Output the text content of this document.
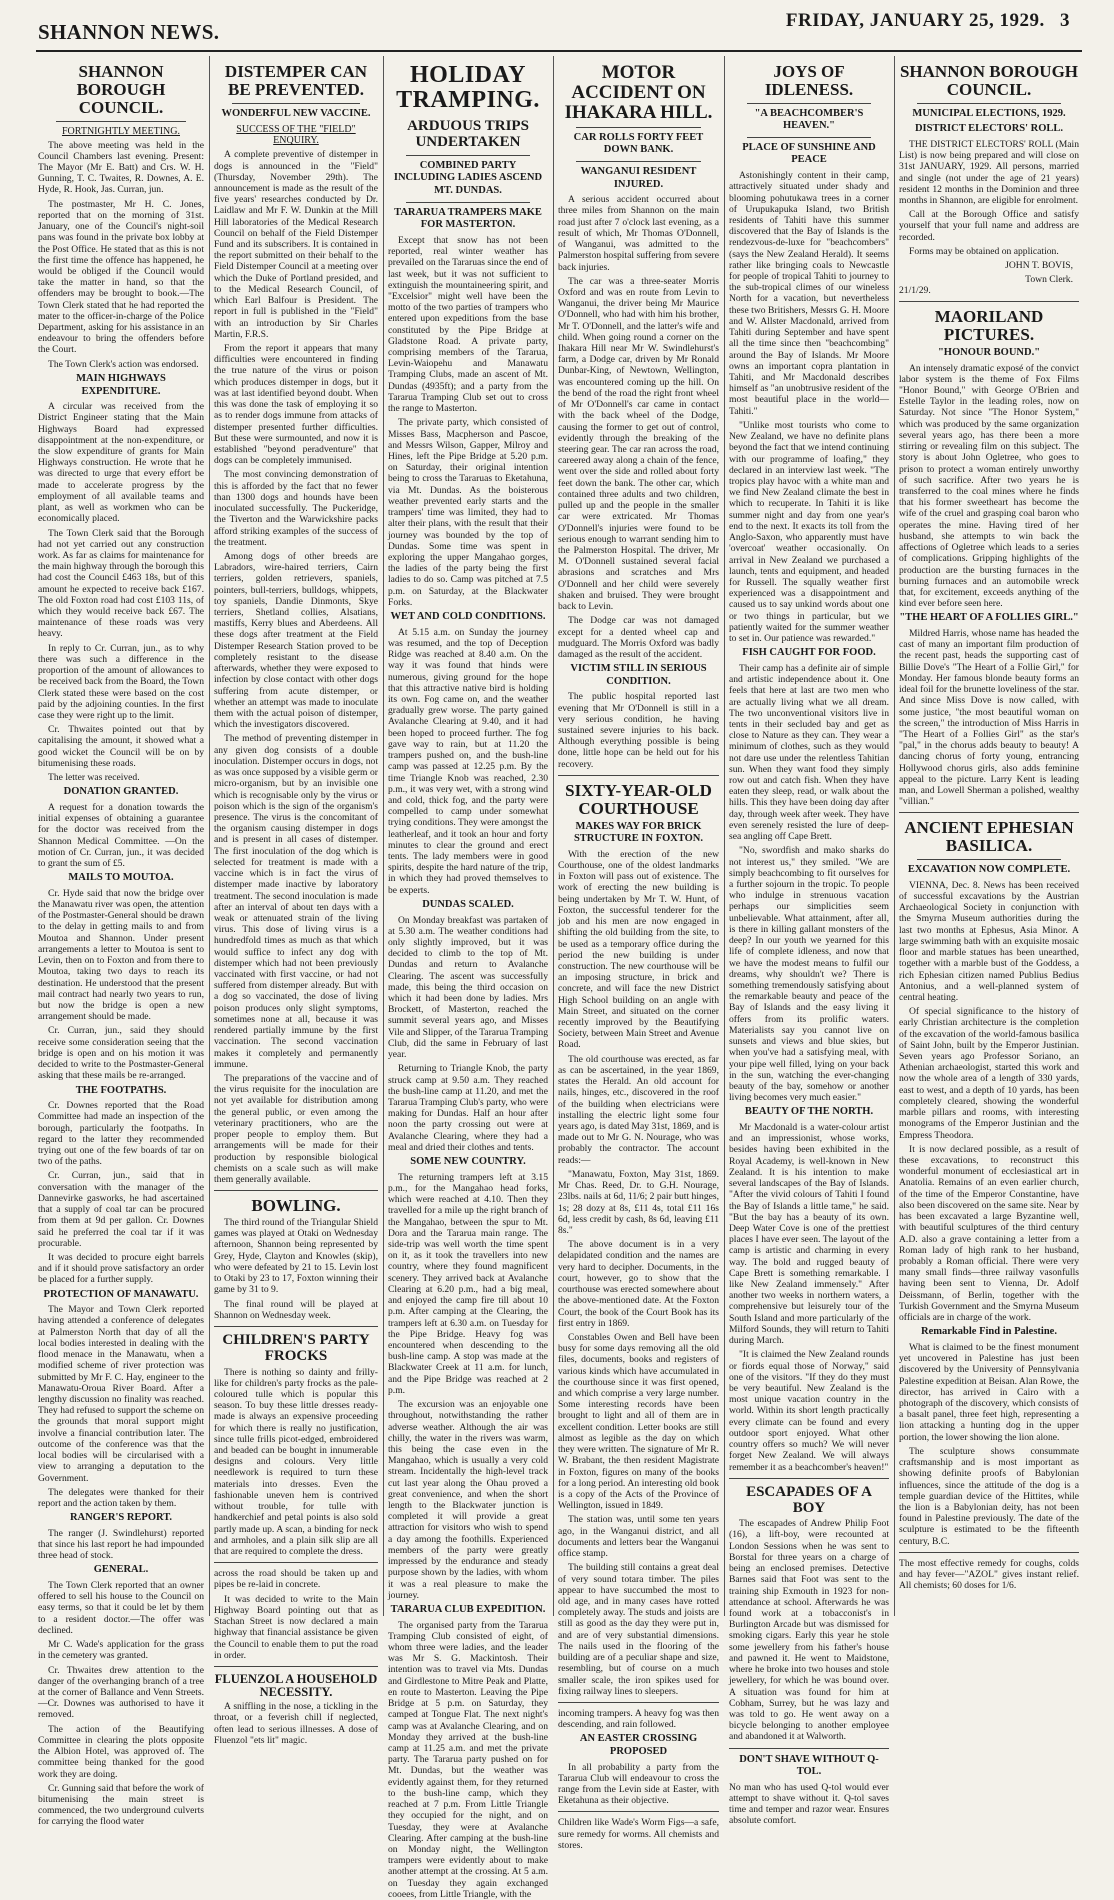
SHANNON NEWS.	FRIDAY, JANUARY 25, 1929. 3
SHANNON BOROUGH COUNCIL.
FORTNIGHTLY MEETING.

The above meeting was held in the Council Chambers last evening. Present: The Mayor (Mr E. Batt) and Crs. W. H. Gunning, T. C. Twaites, R. Downes, A. E. Hyde, R. Hook, Jas. Curran, jun.

The postmaster, Mr H. C. Jones, reported that on the morning of 31st. January, one of the Council's night-soil pans was found in the private box lobby at the Post Office. He stated that as this is not the first time the offence has happened, he would be obliged if the Council would take the matter in hand, so that the offenders may be brought to book.—The Town Clerk stated that he had reported the mater to the officer-in-charge of the Police Department, asking for his assistance in an endeavour to bring the offenders before the Court.

The Town Clerk's action was endorsed.

MAIN HIGHWAYS EXPENDITURE.

A circular was received from the District Engineer stating that the Main Highways Board had expressed disappointment at the non-expenditure, or the slow expenditure of grants for Main Highways construction. He wrote that he was directed to urge that every effort be made to accelerate progress by the employment of all available teams and plant, as well as workmen who can be economically placed.

The Town Clerk said that the Borough had not yet carried out any construction work. As far as claims for maintenance for the main highway through the borough this had cost the Council £463 18s, but of this amount he expected to receive back £167. The old Foxton road had cost £103 11s, of which they would receive back £67. The maintenance of these roads was very heavy.

In reply to Cr. Curran, jun., as to why there was such a difference in the proportion of the amount of allowances to be received back from the Board, the Town Clerk stated these were based on the cost paid by the adjoining counties. In the first case they were right up to the limit.

Cr. Thwaites pointed out that by capitalising the amount, it showed what a good wicket the Council will be on by bitumenising these roads.

The letter was received.

DONATION GRANTED.

A request for a donation towards the initial expenses of obtaining a guarantee for the doctor was received from the Shannon Medical Committee. —On the motion of Cr. Curran, jun., it was decided to grant the sum of £5.

MAILS TO MOUTOA.

Cr. Hyde said that now the bridge over the Manawatu river was open, the attention of the Postmaster-General should be drawn to the delay in getting mails to and from Moutoa and Shannon. Under present arrangements a letter to Moutoa is sent to Levin, then on to Foxton and from there to Moutoa, taking two days to reach its destination. He understood that the present mail contract had nearly two years to run, but now the bridge is open a new arrangement should be made.

Cr. Curran, jun., said they should receive some consideration seeing that the bridge is open and on his motion it was decided to write to the Postmaster-General asking that these mails be re-arranged.

THE FOOTPATHS.

Cr. Downes reported that the Road Committee had made an inspection of the borough, particularly the footpaths. In regard to the latter they recommended trying out one of the few boards of tar on two of the paths.

Cr. Curran, jun., said that in conversation with the manager of the Dannevirke gasworks, he had ascertained that a supply of coal tar can be procured from them at 9d per gallon. Cr. Downes said he preferred the coal tar if it was procurable.

It was decided to procure eight barrels and if it should prove satisfactory an order be placed for a further supply.

PROTECTION OF MANAWATU.

The Mayor and Town Clerk reported having attended a conference of delegates at Palmerston North that day of all the local bodies interested in dealing with the flood menace in the Manawatu, when a modified scheme of river protection was submitted by Mr F. C. Hay, engineer to the Manawatu-Oroua River Board. After a lengthy discussion no finality was reached. They had refused to support the scheme on the grounds that moral support might involve a financial contribution later. The outcome of the conference was that the local bodies will be circularised with a view to arranging a deputation to the Government.

The delegates were thanked for their report and the action taken by them.

RANGER'S REPORT.

The ranger (J. Swindlehurst) reported that since his last report he had impounded three head of stock.

GENERAL.

The Town Clerk reported that an owner offered to sell his house to the Council on easy terms, so that it could be let by them to a resident doctor.—The offer was declined.

Mr C. Wade's application for the grass in the cemetery was granted.

Cr. Thwaites drew attention to the danger of the overhanging branch of a tree at the corner of Ballance and Venn Streets.—Cr. Downes was authorised to have it removed.

The action of the Beautifying Committee in clearing the plots opposite the Albion Hotel, was approved of. The committee being thanked for the good work they are doing.

Cr. Gunning said that before the work of bitumenising the main street is commenced, the two underground culverts for carrying the flood water

DISTEMPER CAN BE PREVENTED.
WONDERFUL NEW VACCINE.
SUCCESS OF THE "FIELD" ENQUIRY.

A complete preventive of distemper in dogs is announced in the "Field" (Thursday, November 29th). The announcement is made as the result of the five years' researches conducted by Dr. Laidlaw and Mr F. W. Dunkin at the Mill Hill laboratories of the Medical Research Council on behalf of the Field Distemper Fund and its subscribers. It is contained in the report submitted on their behalf to the Field Distemper Council at a meeting over which the Duke of Portland presided, and to the Medical Research Council, of which Earl Balfour is President. The report in full is published in the "Field" with an introduction by Sir Charles Martin, F.R.S.

From the report it appears that many difficulties were encountered in finding the true nature of the virus or poison which produces distemper in dogs, but it was at last identified beyond doubt. When this was done the task of employing it so as to render dogs immune from attacks of distemper presented further difficulties. But these were surmounted, and now it is established "beyond peradventure" that dogs can be completely immunised.

The most convincing demonstration of this is afforded by the fact that no fewer than 1300 dogs and hounds have been inoculated successfully. The Puckeridge, the Tiverton and the Warwickshire packs afford striking examples of the success of the treatment.

Among dogs of other breeds are Labradors, wire-haired terriers, Cairn terriers, golden retrievers, spaniels, pointers, bull-terriers, bulldogs, whippets, toy spaniels, Dandie Dinmonts, Skye terriers, Shetland collies, Alsatians, mastiffs, Kerry blues and Aberdeens. All these dogs after treatment at the Field Distemper Research Station proved to be completely resistant to the disease afterwards, whether they were exposed to infection by close contact with other dogs suffering from acute distemper, or whether an attempt was made to inoculate them with the actual poison of distemper, which the investigators discovered.

The method of preventing distemper in any given dog consists of a double inoculation. Distemper occurs in dogs, not as was once supposed by a visible germ or micro-organism, but by an invisible one which is recognisable only by the virus or poison which is the sign of the organism's presence. The virus is the concomitant of the organism causing distemper in dogs and is present in all cases of distemper. The first inoculation of the dog which is selected for treatment is made with a vaccine which is in fact the virus of distemper made inactive by laboratory treatment. The second inoculation is made after an interval of about ten days with a weak or attenuated strain of the living virus. This dose of living virus is a hundredfold times as much as that which would suffice to infect any dog with distemper which had not been previously vaccinated with first vaccine, or had not suffered from distemper already. But with a dog so vaccinated, the dose of living poison produces only slight symptoms, sometimes none at all, because it was rendered partially immune by the first vaccination. The second vaccination makes it completely and permanently immune.

The preparations of the vaccine and of the virus requisite for the inoculation are not yet available for distribution among the general public, or even among the veterinary practitioners, who are the proper people to employ them. But arrangements will be made for their production by responsible biological chemists on a scale such as will make them generally available.

BOWLING.

The third round of the Triangular Shield games was played at Otaki on Wednesday afternoon, Shannon being represented by Grey, Hyde, Clayton and Knowles (skip), who were defeated by 21 to 15. Levin lost to Otaki by 23 to 17, Foxton winning their game by 31 to 9.

The final round will be played at Shannon on Wednesday week.

CHILDREN'S PARTY FROCKS

There is nothing so dainty and frilly-like for children's party frocks as the pale-coloured tulle which is popular this season. To buy these little dresses ready-made is always an expensive proceeding for which there is really no justification, since tulle frills picot-edged, embroidered and beaded can be bought in innumerable designs and colours. Very little needlework is required to turn these materials into dresses. Even the fashionable uneven hem is contrived without trouble, for tulle with handkerchief and petal points is also sold partly made up. A scan, a binding for neck and armholes, and a plain silk slip are all that are required to complete the dress.

across the road should be taken up and pipes be re-laid in concrete.

It was decided to write to the Main Highway Board pointing out that as Stachan Street is now declared a main highway that financial assistance be given the Council to enable them to put the road in order.

FLUENZOL A HOUSEHOLD NECESSITY.

A sniffling in the nose, a tickling in the throat, or a feverish chill if neglected, often lead to serious illnesses. A dose of Fluenzol "ets lit" magic.

HOLIDAY TRAMPING.
ARDUOUS TRIPS UNDERTAKEN
COMBINED PARTY INCLUDING LADIES ASCEND MT. DUNDAS.
TARARUA TRAMPERS MAKE FOR MASTERTON.

Except that snow has not been reported, real winter weather has prevailed on the Tararuas since the end of last week, but it was not sufficient to extinguish the mountaineering spirit, and "Excelsior" might well have been the motto of the two parties of trampers who entered upon expeditions from the base constituted by the Pipe Bridge at Gladstone Road. A private party, comprising members of the Tararua, Levin-Waiopehu and Manawatu Tramping Clubs, made an ascent of Mt. Dundas (4935ft); and a party from the Tararua Tramping Club set out to cross the range to Masterton.

The private party, which consisted of Misses Bass, Macpherson and Pascoe, and Messrs Wilson, Gapper, Milroy and Hines, left the Pipe Bridge at 5.20 p.m. on Saturday, their original intention being to cross the Tararuas to Eketahuna, via Mt. Dundas. As the boisterous weather prevented early starts and the trampers' time was limited, they had to alter their plans, with the result that their journey was bounded by the top of Dundas. Some time was spent in exploring the upper Mangahao gorges, the ladies of the party being the first ladies to do so. Camp was pitched at 7.5 p.m. on Saturday, at the Blackwater Forks.

WET AND COLD CONDITIONS.

At 5.15 a.m. on Sunday the journey was resumed, and the top of Deception Ridge was reached at 8.40 a.m. On the way it was found that hinds were numerous, giving ground for the hope that this attractive native bird is holding its own. Fog came on, and the weather gradually grew worse. The party gained Avalanche Clearing at 9.40, and it had been hoped to proceed further. The fog gave way to rain, but at 11.20 the trampers pushed on, and the bush-line camp was passed at 12.25 p.m. By the time Triangle Knob was reached, 2.30 p.m., it was very wet, with a strong wind and cold, thick fog, and the party were compelled to camp under somewhat trying conditions. They were amongst the leatherleaf, and it took an hour and forty minutes to clear the ground and erect tents. The lady members were in good spirits, despite the hard nature of the trip, in which they had proved themselves to be experts.

DUNDAS SCALED.

On Monday breakfast was partaken of at 5.30 a.m. The weather conditions had only slightly improved, but it was decided to climb to the top of Mt. Dundas and return to Avalanche Clearing. The ascent was successfully made, this being the third occasion on which it had been done by ladies. Mrs Brockett, of Masterton, reached the summit several years ago, and Misses Vile and Slipper, of the Tararua Tramping Club, did the same in February of last year.

Returning to Triangle Knob, the party struck camp at 9.50 a.m. They reached the bush-line camp at 11.20, and met the Tararua Tramping Club's party, who were making for Dundas. Half an hour after noon the party crossing out were at Avalanche Clearing, where they had a meal and dried their clothes and tents.

SOME NEW COUNTRY.

The returning trampers left at 3.15 p.m., for the Mangahao head forks, which were reached at 4.10. Then they travelled for a mile up the right branch of the Mangahao, between the spur to Mt. Dora and the Tararua main range. The side-trip was well worth the time spent on it, as it took the travellers into new country, where they found magnificent scenery. They arrived back at Avalanche Clearing at 6.20 p.m., had a big meal, and enjoyed the camp fire till about 10 p.m. After camping at the Clearing, the trampers left at 6.30 a.m. on Tuesday for the Pipe Bridge. Heavy fog was encountered when descending to the bush-line camp. A stop was made at the Blackwater Creek at 11 a.m. for lunch, and the Pipe Bridge was reached at 2 p.m.

The excursion was an enjoyable one throughout, notwithstanding the rather adverse weather. Although the air was chilly, the water in the rivers was warm, this being the case even in the Mangahao, which is usually a very cold stream. Incidentally the high-level track cut last year along the Ohau proved a great convenience, and when the short length to the Blackwater junction is completed it will provide a great attraction for visitors who wish to spend a day among the foothills. Experienced members of the party were greatly impressed by the endurance and steady purpose shown by the ladies, with whom it was a real pleasure to make the journey.

TARARUA CLUB EXPEDITION.

The organised party from the Tararua Tramping Club consisted of eight, of whom three were ladies, and the leader was Mr S. G. Mackintosh. Their intention was to travel via Mts. Dundas and Girdlestone to Mitre Peak and Platte, en route to Masterton. Leaving the Pipe Bridge at 5 p.m. on Saturday, they camped at Tongue Flat. The next night's camp was at Avalanche Clearing, and on Monday they arrived at the bush-line camp at 11.25 a.m. and met the private party. The Tararua party pushed on for Mt. Dundas, but the weather was evidently against them, for they returned to the bush-line camp, which they reached at 7 p.m. From Little Triangle they occupied for the night, and on Tuesday, they were at Avalanche Clearing. After camping at the bush-line on Monday night, the Wellington trampers were evidently about to make another attempt at the crossing. At 5 a.m. on Tuesday they again exchanged cooees, from Little Triangle, with the

MOTOR ACCIDENT ON IHAKARA HILL.
CAR ROLLS FORTY FEET DOWN BANK.
WANGANUI RESIDENT INJURED.

A serious accident occurred about three miles from Shannon on the main road just after 7 o'clock last evening, as a result of which, Mr Thomas O'Donnell, of Wanganui, was admitted to the Palmerston hospital suffering from severe back injuries.

The car was a three-seater Morris Oxford and was en route from Levin to Wanganui, the driver being Mr Maurice O'Donnell, who had with him his brother, Mr T. O'Donnell, and the latter's wife and child. When going round a corner on the Ihakara Hill near Mr W. Swindlehurst's farm, a Dodge car, driven by Mr Ronald Dunbar-King, of Newtown, Wellington, was encountered coming up the hill. On the bend of the road the right front wheel of Mr O'Donnell's car came in contact with the back wheel of the Dodge, causing the former to get out of control, evidently through the breaking of the steering gear. The car ran across the road, careered away along a chain of the fence, went over the side and rolled about forty feet down the bank. The other car, which contained three adults and two children, pulled up and the people in the smaller car were extricated. Mr Thomas O'Donnell's injuries were found to be serious enough to warrant sending him to the Palmerston Hospital. The driver, Mr M. O'Donnell sustained several facial abrasions and scratches and Mrs O'Donnell and her child were severely shaken and bruised. They were brought back to Levin.

The Dodge car was not damaged except for a dented wheel cap and mudguard. The Morris Oxford was badly damaged as the result of the accident.

VICTIM STILL IN SERIOUS CONDITION.

The public hospital reported last evening that Mr O'Donnell is still in a very serious condition, he having sustained severe injuries to his back. Although everything possible is being done, little hope can be held out for his recovery.

SIXTY-YEAR-OLD COURTHOUSE
MAKES WAY FOR BRICK STRUCTURE IN FOXTON.

With the erection of the new Courthouse, one of the oldest landmarks in Foxton will pass out of existence. The work of erecting the new building is being undertaken by Mr T. W. Hunt, of Foxton, the successful tenderer for the job and his men are now engaged in shifting the old building from the site, to be used as a temporary office during the period the new building is under construction. The new courthouse will be an imposing structure, in brick and concrete, and will face the new District High School building on an angle with Main Street, and situated on the corner recently improved by the Beautifying Society, between Main Street and Avenue Road.

The old courthouse was erected, as far as can be ascertained, in the year 1869, states the Herald. An old account for nails, hinges, etc., discovered in the roof of the building when electricians were installing the electric light some four years ago, is dated May 31st, 1869, and is made out to Mr G. N. Nourage, who was probably the contractor. The account reads:—

"Manawatu, Foxton, May 31st, 1869. Mr Chas. Reed, Dr. to G.H. Nourage, 23lbs. nails at 6d, 11/6; 2 pair butt hinges, 1s; 28 dozy at 8s, £11 4s, total £11 16s 6d, less credit by cash, 8s 6d, leaving £11 8s."

The above document is in a very delapidated condition and the names are very hard to decipher. Documents, in the court, however, go to show that the courthouse was erected somewhere about the above-mentioned date. At the Foxton Court, the book of the Court Book has its first entry in 1869.

Constables Owen and Bell have been busy for some days removing all the old files, documents, books and registers of various kinds which have accumulated in the courthouse since it was first opened, and which comprise a very large number. Some interesting records have been brought to light and all of them are in excellent condition. Letter books are still almost as legible as the day on which they were written. The signature of Mr R. W. Brabant, the then resident Magistrate in Foxton, figures on many of the books for a long period. An interesting old book is a copy of the Acts of the Province of Wellington, issued in 1849.

The station was, until some ten years ago, in the Wanganui district, and all documents and letters bear the Wanganui office stamp.

The building still contains a great deal of very sound totara timber. The piles appear to have succumbed the most to old age, and in many cases have rotted completely away. The studs and joists are still as good as the day they were put in, and are of very substantial dimensions. The nails used in the flooring of the building are of a peculiar shape and size, resembling, but of course on a much smaller scale, the iron spikes used for fixing railway lines to sleepers.

incoming trampers. A heavy fog was then descending, and rain followed.

AN EASTER CROSSING PROPOSED

In all probability a party from the Tararua Club will endeavour to cross the range from the Levin side at Easter, with Eketahuna as their objective.

Children like Wade's Worm Figs—a safe, sure remedy for worms. All chemists and stores.

JOYS OF IDLENESS.
"A BEACHCOMBER'S HEAVEN."
PLACE OF SUNSHINE AND PEACE

Astonishingly content in their camp, attractively situated under shady and blooming pohutukawa trees in a corner of Urupukapuka Island, two British residents of Tahiti have this summer discovered that the Bay of Islands is the rendezvous-de-luxe for "beachcombers" (says the New Zealand Herald). It seems rather like bringing coals to Newcastle for people of tropical Tahiti to journey to the sub-tropical climes of our wineless North for a vacation, but nevertheless these two Britishers, Messrs G. H. Moore and W. Allster Macdonald, arrived from Tahiti during September and have spent all the time since then "beachcombing" around the Bay of Islands. Mr Moore owns an important copra plantation in Tahiti, and Mr Macdonald describes himself as "an unobtrusive resident of the most beautiful place in the world—Tahiti."

"Unlike most tourists who come to New Zealand, we have no definite plans beyond the fact that we intend continuing with our programme of loafing," they declared in an interview last week. "The tropics play havoc with a white man and we find New Zealand climate the best in which to recuperate. In Tahiti it is like summer night and day from one year's end to the next. It exacts its toll from the Anglo-Saxon, who apparently must have 'overcoat' weather occasionally. On arrival in New Zealand we purchased a launch, tents and equipment, and headed for Russell. The squally weather first experienced was a disappointment and caused us to say unkind words about one or two things in particular, but we patiently waited for the summer weather to set in. Our patience was rewarded."

FISH CAUGHT FOR FOOD.

Their camp has a definite air of simple and artistic independence about it. One feels that here at last are two men who are actually living what we all dream. The two unconventional visitors live in tents in their secluded bay and get as close to Nature as they can. They wear a minimum of clothes, such as they would not dare use under the relentless Tahitian sun. When they want food they simply row out and catch fish. When they have eaten they sleep, read, or walk about the hills. This they have been doing day after day, through week after week. They have even serenely resisted the lure of deep-sea angling off Cape Brett.

"No, swordfish and mako sharks do not interest us," they smiled. "We are simply beachcombing to fit ourselves for a further sojourn in the tropic. To people who indulge in strenuous vacation perhaps our simplicities seem unbelievable. What attainment, after all, is there in killing gallant monsters of the deep? In our youth we yearned for this life of complete idleness, and now that we have the modest means to fulfil our dreams, why shouldn't we? There is something tremendously satisfying about the remarkable beauty and peace of the Bay of Islands and the easy living it offers from its prolific waters. Materialists say you cannot live on sunsets and views and blue skies, but when you've had a satisfying meal, with your pipe well filled, lying on your back in the sun, watching the ever-changing beauty of the bay, somehow or another living becomes very much easier."

BEAUTY OF THE NORTH.

Mr Macdonald is a water-colour artist and an impressionist, whose works, besides having been exhibited in the Royal Academy, is well-known in New Zealand. It is his intention to make several landscapes of the Bay of Islands. "After the vivid colours of Tahiti I found the Bay of Islands a little tame," he said. "But the bay has a beauty of its own. Deep Water Cove is one of the prettiest places I have ever seen. The layout of the camp is artistic and charming in every way. The bold and rugged beauty of Cape Brett is something remarkable. I like New Zealand immensely." After another two weeks in northern waters, a comprehensive but leisurely tour of the South Island and more particularly of the Milford Sounds, they will return to Tahiti during March.

"It is claimed the New Zealand rounds or fiords equal those of Norway," said one of the visitors. "If they do they must be very beautiful. New Zealand is the most unique vacation country in the world. Within its short length practically every climate can be found and every outdoor sport enjoyed. What other country offers so much? We will never forget New Zealand. We will always remember it as a beachcomber's heaven!"

ESCAPADES OF A BOY

The escapades of Andrew Philip Foot (16), a lift-boy, were recounted at London Sessions when he was sent to Borstal for three years on a charge of being an enclosed premises. Detective Barnes said that Foot was sent to the training ship Exmouth in 1923 for non-attendance at school. Afterwards he was found work at a tobacconist's in Burlington Arcade but was dismissed for smoking cigars. Early this year he stole some jewellery from his father's house and pawned it. He went to Maidstone, where he broke into two houses and stole jewellery, for which he was bound over. A situation was found for him at Cobham, Surrey, but he was lazy and was told to go. He went away on a bicycle belonging to another employee and abandoned it at Walworth.

DON'T SHAVE WITHOUT Q-TOL.

No man who has used Q-tol would ever attempt to shave without it. Q-tol saves time and temper and razor wear. Ensures absolute comfort.

SHANNON BOROUGH COUNCIL.
MUNICIPAL ELECTIONS, 1929.
DISTRICT ELECTORS' ROLL.

THE DISTRICT ELECTORS' ROLL (Main List) is now being prepared and will close on 31st JANUARY, 1929. All persons, married and single (not under the age of 21 years) resident 12 months in the Dominion and three months in Shannon, are eligible for enrolment.

Call at the Borough Office and satisfy yourself that your full name and address are recorded.

Forms may be obtained on application.

JOHN T. BOVIS,
Town Clerk.

21/1/29.

MAORILAND PICTURES.
"HONOUR BOUND."

An intensely dramatic exposé of the convict labor system is the theme of Fox Films "Honor Bound," with George O'Brien and Estelle Taylor in the leading roles, now on Saturday. Not since "The Honor System," which was produced by the same organization several years ago, has there been a more stirring or revealing film on this subject. The story is about John Ogletree, who goes to prison to protect a woman entirely unworthy of such sacrifice. After two years he is transferred to the coal mines where he finds that his former sweetheart has become the wife of the cruel and grasping coal baron who operates the mine. Having tired of her husband, she attempts to win back the affections of Ogletree which leads to a series of complications. Gripping highlights of the production are the bursting furnaces in the burning furnaces and an automobile wreck that, for excitement, exceeds anything of the kind ever before seen here.

"THE HEART OF A FOLLIES GIRL."

Mildred Harris, whose name has headed the cast of many an important film production of the recent past, heads the supporting cast of Billie Dove's "The Heart of a Follie Girl," for Monday. Her famous blonde beauty forms an ideal foil for the brunette loveliness of the star. And since Miss Dove is now called, with some justice, "the most beautiful woman on the screen," the introduction of Miss Harris in "The Heart of a Follies Girl" as the star's "pal," in the chorus adds beauty to beauty! A dancing chorus of forty young, entrancing Hollywood chorus girls, also adds feminine appeal to the picture. Larry Kent is leading man, and Lowell Sherman a polished, wealthy "villian."

ANCIENT EPHESIAN BASILICA.
EXCAVATION NOW COMPLETE.

VIENNA, Dec. 8. News has been received of successful excavations by the Austrian Archaeological Society in conjunction with the Smyrna Museum authorities during the last two months at Ephesus, Asia Minor. A large swimming bath with an exquisite mosaic floor and marble statues has been unearthed, together with a marble bust of the Goddess, a rich Ephesian citizen named Publius Bedius Antonius, and a well-planned system of central heating.

Of special significance to the history of early Christian architecture is the completion of the excavation of the world-famous basilica of Saint John, built by the Emperor Justinian. Seven years ago Professor Soriano, an Athenian archaeologist, started this work and now the whole area of a length of 330 yards, east to west, and a depth of 10 yards, has been completely cleared, showing the wonderful marble pillars and rooms, with interesting monograms of the Emperor Justinian and the Empress Theodora.

It is now declared possible, as a result of these excavations, to reconstruct this wonderful monument of ecclesiastical art in Anatolia. Remains of an even earlier church, of the time of the Emperor Constantine, have also been discovered on the same site. Near by has been excavated a large Byzantine well, with beautiful sculptures of the third century A.D. also a grave containing a letter from a Roman lady of high rank to her husband, probably a Roman official. There were very many small finds—three railway vasonfulls having been sent to Vienna, Dr. Adolf Deissmann, of Berlin, together with the Turkish Government and the Smyrna Museum officials are in charge of the work.

Remarkable Find in Palestine.

What is claimed to be the finest monument yet uncovered in Palestine has just been discovered by the University of Pennsylvania Palestine expedition at Beisan. Alan Rowe, the director, has arrived in Cairo with a photograph of the discovery, which consists of a basalt panel, three feet high, representing a lion attacking a hunting dog in the upper portion, the lower showing the lion alone.

The sculpture shows consummate craftsmanship and is most important as showing definite proofs of Babylonian influences, since the attitude of the dog is a temple guardian device of the Hittites, while the lion is a Babylonian deity, has not been found in Palestine previously. The date of the sculpture is estimated to be the fifteenth century, B.C.

The most effective remedy for coughs, colds and hay fever—"AZOL" gives instant relief. All chemists; 60 doses for 1/6.
